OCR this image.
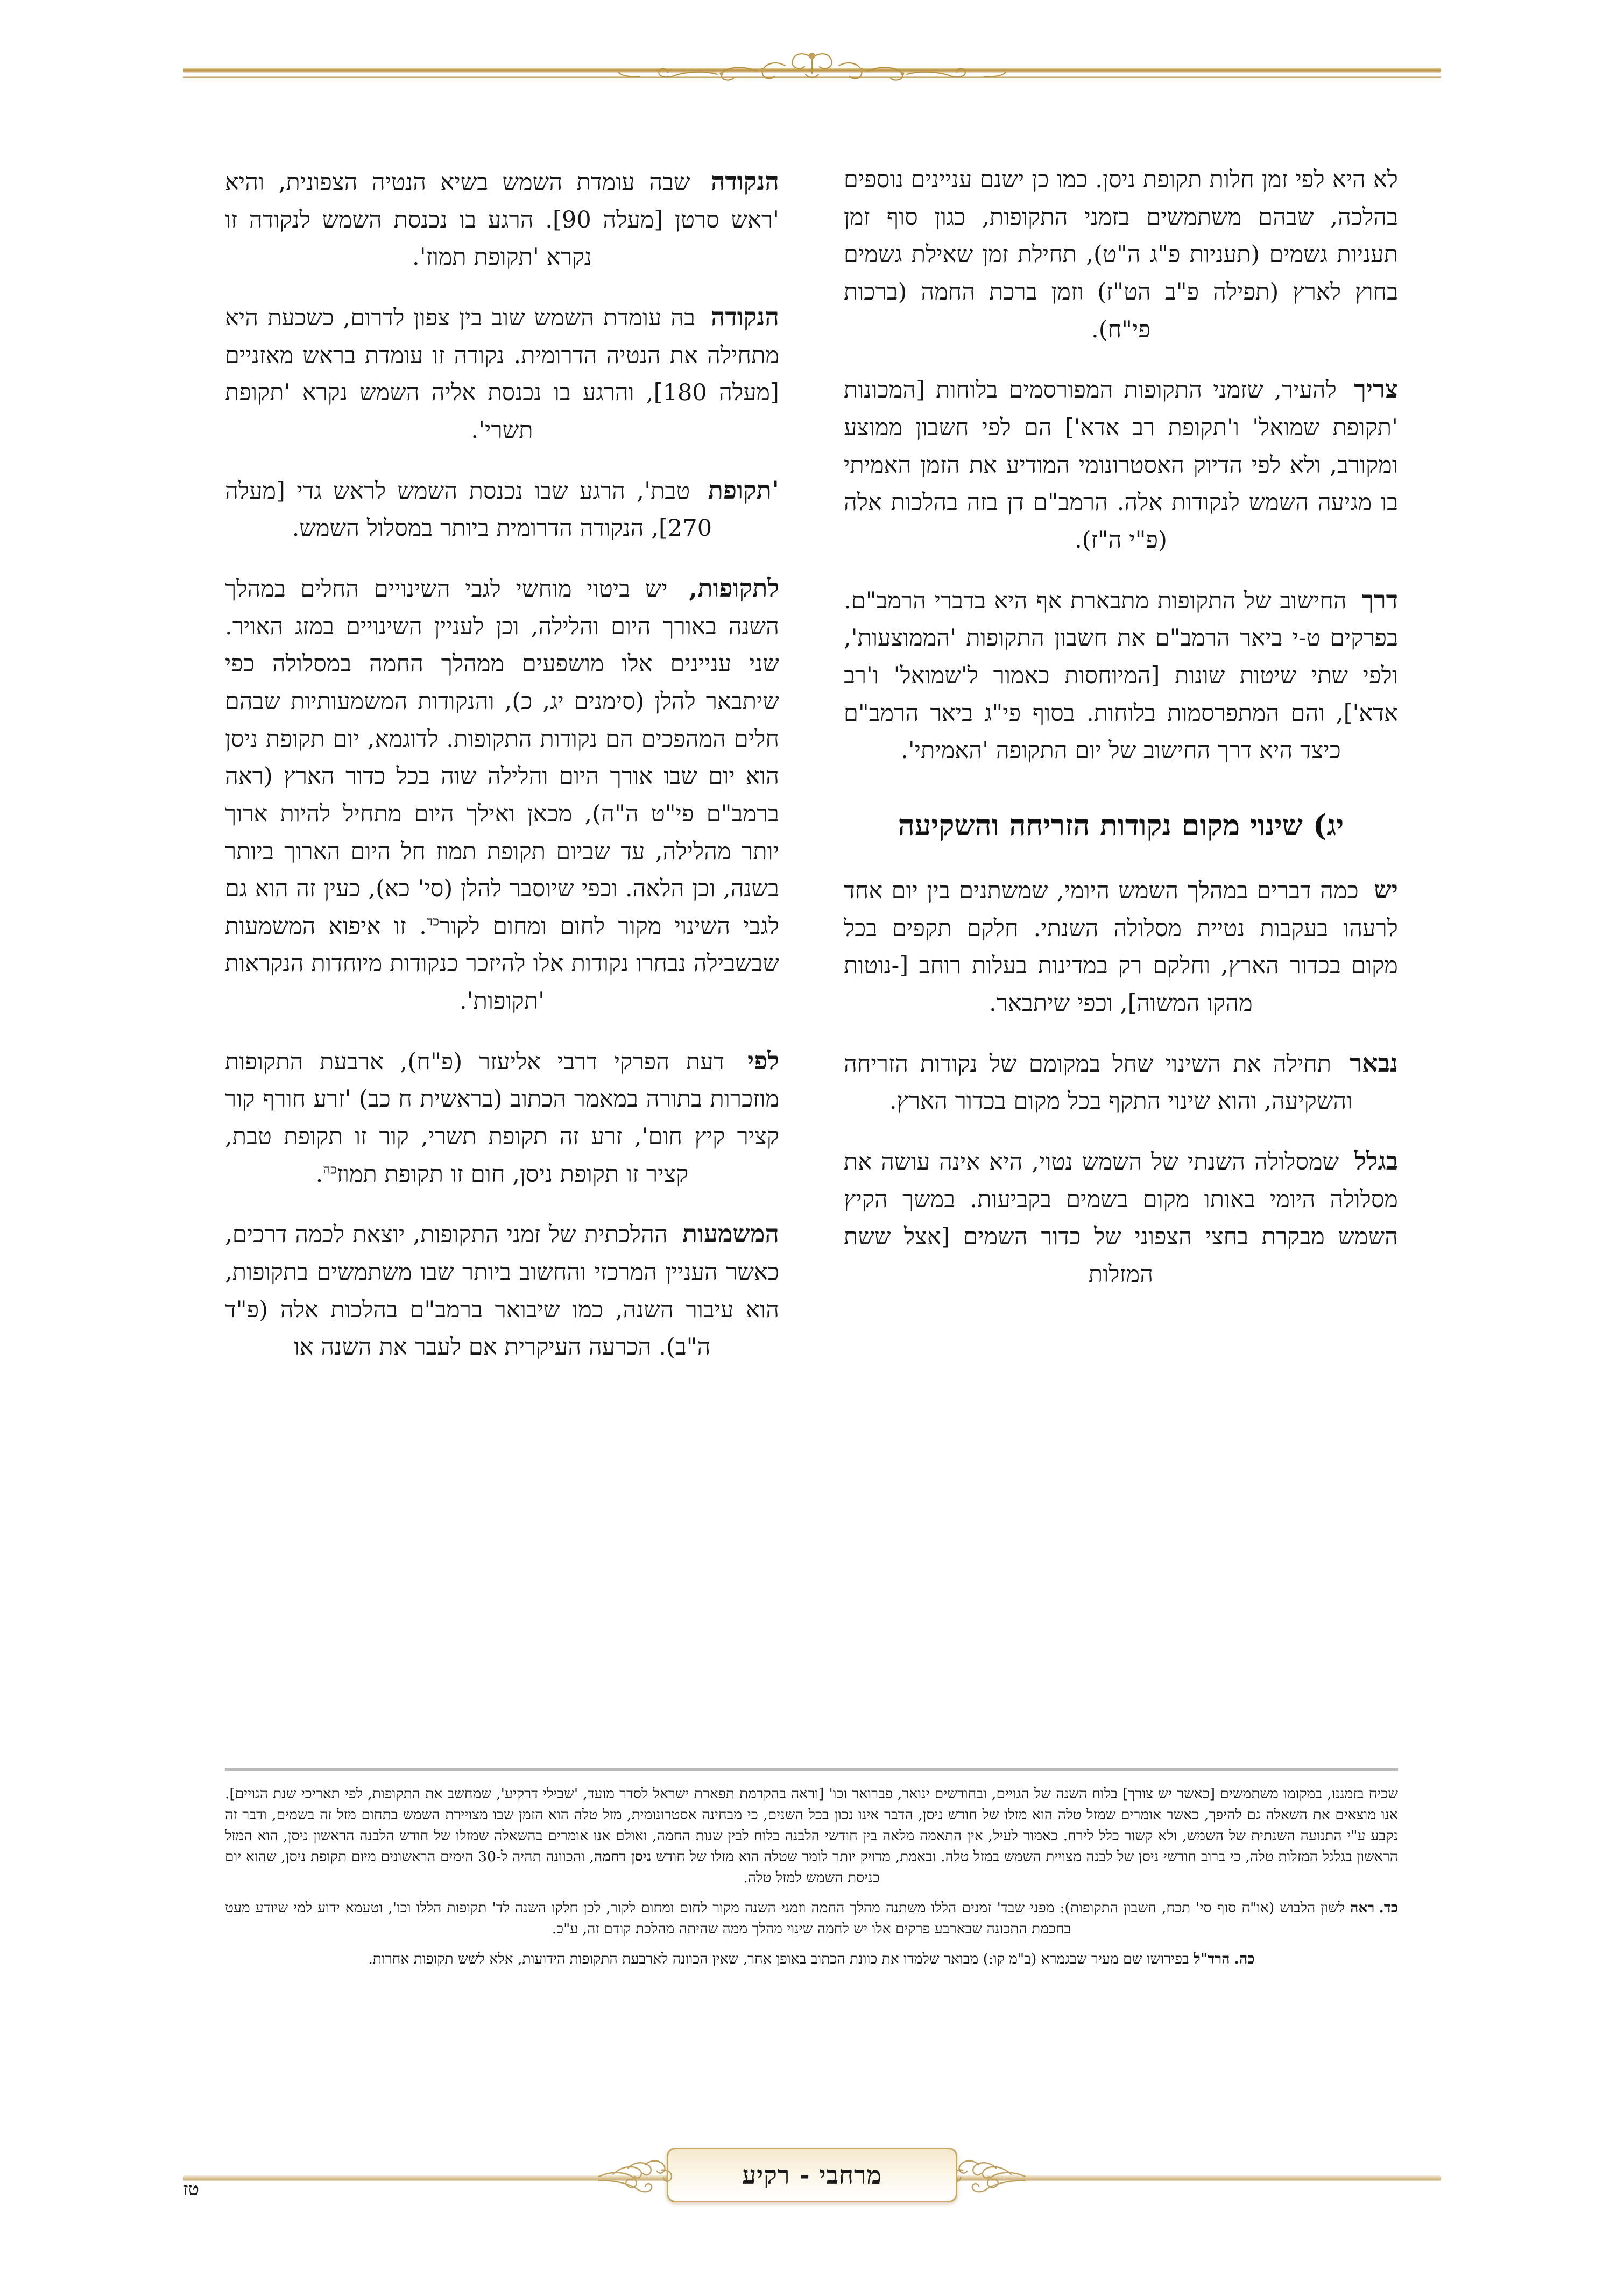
לא היא לפי זמן חלות תקופת ניסן. כמו כן ישנם עניינים נוספים בהלכה, שבהם משתמשים בזמני התקופות, כגון סוף זמן תעניות גשמים (תעניות פ"ג ה"ט), תחילת זמן שאילת גשמים בחוץ לארץ (תפילה פ"ב הט"ז) וזמן ברכת החמה (ברכות פי"ח).

צריך להעיר, שזמני התקופות המפורסמים בלוחות [המכונות 'תקופת שמואל' ו'תקופת רב אדא'] הם לפי חשבון ממוצע ומקורב, ולא לפי הדיוק האסטרונומי המודיע את הזמן האמיתי בו מגיעה השמש לנקודות אלה. הרמב"ם דן בזה בהלכות אלה (פ"י ה"ז).

דרך החישוב של התקופות מתבארת אף היא בדברי הרמב"ם. בפרקים ט-י ביאר הרמב"ם את חשבון התקופות 'הממוצעות', ולפי שתי שיטות שונות [המיוחסות כאמור ל'שמואל' ו'רב אדא'], והם המתפרסמות בלוחות. בסוף פי"ג ביאר הרמב"ם כיצד היא דרך החישוב של יום התקופה 'האמיתי'.

יג) שינוי מקום נקודות הזריחה והשקיעה

יש כמה דברים במהלך השמש היומי, שמשתנים בין יום אחד לרעהו בעקבות נטיית מסלולה השנתי. חלקם תקפים בכל מקום בכדור הארץ, וחלקם רק במדינות בעלות רוחב [-נוטות מהקו המשוה], וכפי שיתבאר.

נבאר תחילה את השינוי שחל במקומם של נקודות הזריחה והשקיעה, והוא שינוי התקף בכל מקום בכדור הארץ.

בגלל שמסלולה השנתי של השמש נטוי, היא אינה עושה את מסלולה היומי באותו מקום בשמים בקביעות. במשך הקיץ השמש מבקרת בחצי הצפוני של כדור השמים [אצל ששת המזלות

הנקודה שבה עומדת השמש בשיא הנטיה הצפונית, והיא 'ראש סרטן [מעלה 90]. הרגע בו נכנסת השמש לנקודה זו נקרא 'תקופת תמוז'.

הנקודה בה עומדת השמש שוב בין צפון לדרום, כשכעת היא מתחילה את הנטיה הדרומית. נקודה זו עומדת בראש מאזניים [מעלה 180], והרגע בו נכנסת אליה השמש נקרא 'תקופת תשרי'.

'תקופת טבת', הרגע שבו נכנסת השמש לראש גדי [מעלה 270], הנקודה הדרומית ביותר במסלול השמש.

לתקופות, יש ביטוי מוחשי לגבי השינויים החלים במהלך השנה באורך היום והלילה, וכן לעניין השינויים במזג האויר. שני עניינים אלו מושפעים ממהלך החמה במסלולה כפי שיתבאר להלן (סימנים יג, כ), והנקודות המשמעותיות שבהם חלים המהפכים הם נקודות התקופות. לדוגמא, יום תקופת ניסן הוא יום שבו אורך היום והלילה שוה בכל כדור הארץ (ראה ברמב"ם פי"ט ה"ה), מכאן ואילך היום מתחיל להיות ארוך יותר מהלילה, עד שביום תקופת תמוז חל היום הארוך ביותר בשנה, וכן הלאה. וכפי שיוסבר להלן (סי' כא), כעין זה הוא גם לגבי השינוי מקור לחום ומחום לקור$^{כד}$. זו איפוא המשמעות שבשבילה נבחרו נקודות אלו להיזכר כנקודות מיוחדות הנקראות 'תקופות'.

לפי דעת הפרקי דרבי אליעזר (פ"ח), ארבעת התקופות מוזכרות בתורה במאמר הכתוב (בראשית ח כב) 'זרע חורף קור קציר קיץ חום', זרע זה תקופת תשרי, קור זו תקופת טבת, קציר זו תקופת ניסן, חום זו תקופת תמוז$^{כה}$.

המשמעות ההלכתית של זמני התקופות, יוצאת לכמה דרכים, כאשר העניין המרכזי והחשוב ביותר שבו משתמשים בתקופות, הוא עיבור השנה, כמו שיבואר ברמב"ם בהלכות אלה (פ"ד ה"ב). הכרעה העיקרית אם לעבר את השנה או

שכיח בזמננו, במקומו משתמשים [כאשר יש צורך] בלוח השנה של הגויים, ובחודשים ינואר, פברואר וכו' [וראה בהקדמת תפארת ישראל לסדר מועד, 'שבילי דרקיע', שמחשב את התקופות, לפי תאריכי שנת הגויים]. אנו מוצאים את השאלה גם להיפך, כאשר אומרים שמזל טלה הוא מזלו של חודש ניסן, הדבר אינו נכון בכל השנים, כי מבחינה אסטרונומית, מזל טלה הוא הזמן שבו מצויירת השמש בתחום מזל זה בשמים, ודבר זה נקבע ע"י התנועה השנתית של השמש, ולא קשור כלל לירח. כאמור לעיל, אין התאמה מלאה בין חודשי הלבנה בלוח לבין שנות החמה, ואולם אנו אומרים בהשאלה שמזלו של חודש הלבנה הראשון ניסן, הוא המזל הראשון בגלגל המזלות טלה, כי ברוב חודשי ניסן של לבנה מצויית השמש במזל טלה. ובאמת, מדויק יותר לומר שטלה הוא מזלו של חודש ניסן דחמה, והכוונה תהיה ל-30 הימים הראשונים מיום תקופת ניסן, שהוא יום כניסת השמש למזל טלה.

כד.ראה לשון הלבוש (או"ח סוף סי' תכח, חשבון התקופות): מפני שבד' זמנים הללו משתנה מהלך החמה וזמני השנה מקור לחום ומחום לקור, לכן חלקו השנה לד' תקופות הללו וכו', וטעמא ידוע למי שיודע מעט בחכמת התכונה שבארבע פרקים אלו יש לחמה שינוי מהלך ממה שהיתה מהלכת קודם זה, ע"כ.

כה.הרד"ל בפירושו שם מעיר שבגמרא (ב"מ קו:) מבואר שלמדו את כוונת הכתוב באופן אחר, שאין הכוונה לארבעת התקופות הידועות, אלא לשש תקופות אחרות.

מרחבי - רקיע
טז
